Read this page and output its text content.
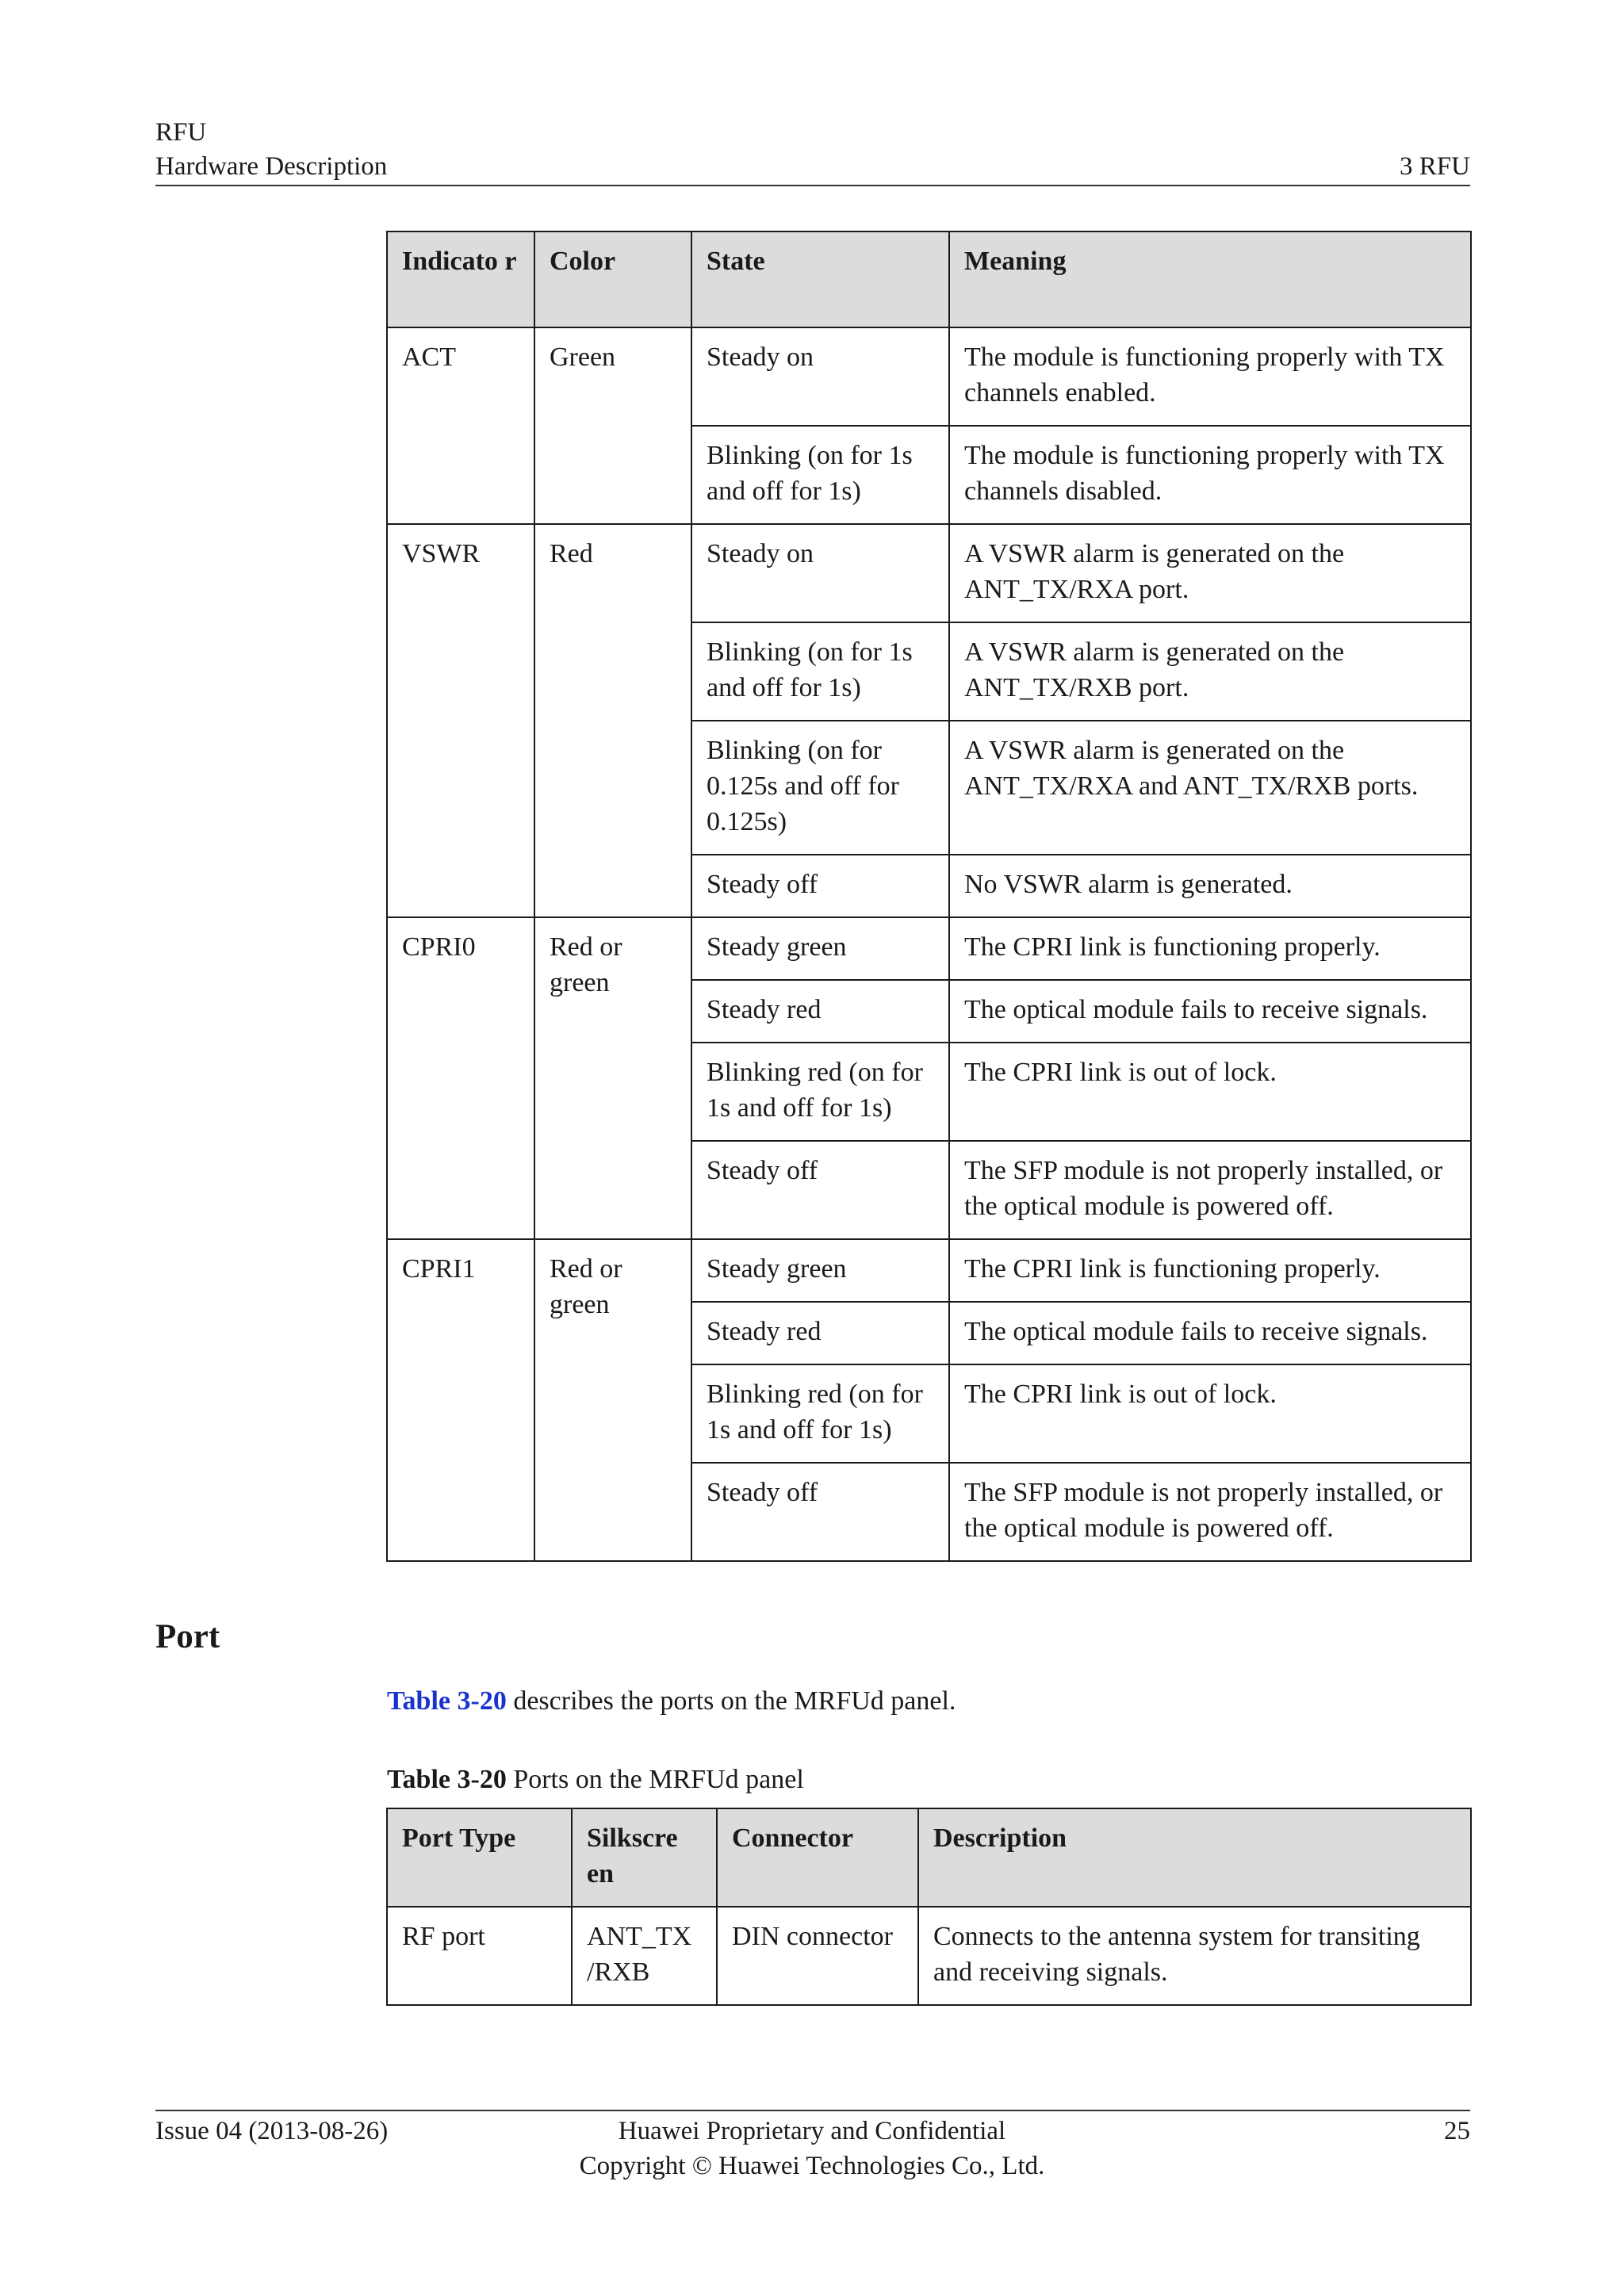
RFU
Hardware Description	3 RFU
Indicato r	Color	State	Meaning
ACT	Green	Steady on	The module is functioning properly with TX channels enabled.
		Blinking (on for 1s and off for 1s)	The module is functioning properly with TX channels disabled.
VSWR	Red	Steady on	A VSWR alarm is generated on the ANT_TX/RXA port.
		Blinking (on for 1s and off for 1s)	A VSWR alarm is generated on the ANT_TX/RXB port.
		Blinking (on for 0.125s and off for 0.125s)	A VSWR alarm is generated on the ANT_TX/RXA and ANT_TX/RXB ports.
		Steady off	No VSWR alarm is generated.
CPRI0	Red or green	Steady green	The CPRI link is functioning properly.
		Steady red	The optical module fails to receive signals.
		Blinking red (on for 1s and off for 1s)	The CPRI link is out of lock.
		Steady off	The SFP module is not properly installed, or the optical module is powered off.
CPRI1	Red or green	Steady green	The CPRI link is functioning properly.
		Steady red	The optical module fails to receive signals.
		Blinking red (on for 1s and off for 1s)	The CPRI link is out of lock.
		Steady off	The SFP module is not properly installed, or the optical module is powered off.
Port
Table 3-20 describes the ports on the MRFUd panel.
Table 3-20 Ports on the MRFUd panel
Port Type	Silkscre en	Connector	Description
RF port	ANT_TX /RXB	DIN connector	Connects to the antenna system for transiting and receiving signals.
Issue 04 (2013-08-26)	Huawei Proprietary and Confidential
Copyright © Huawei Technologies Co., Ltd.
25
